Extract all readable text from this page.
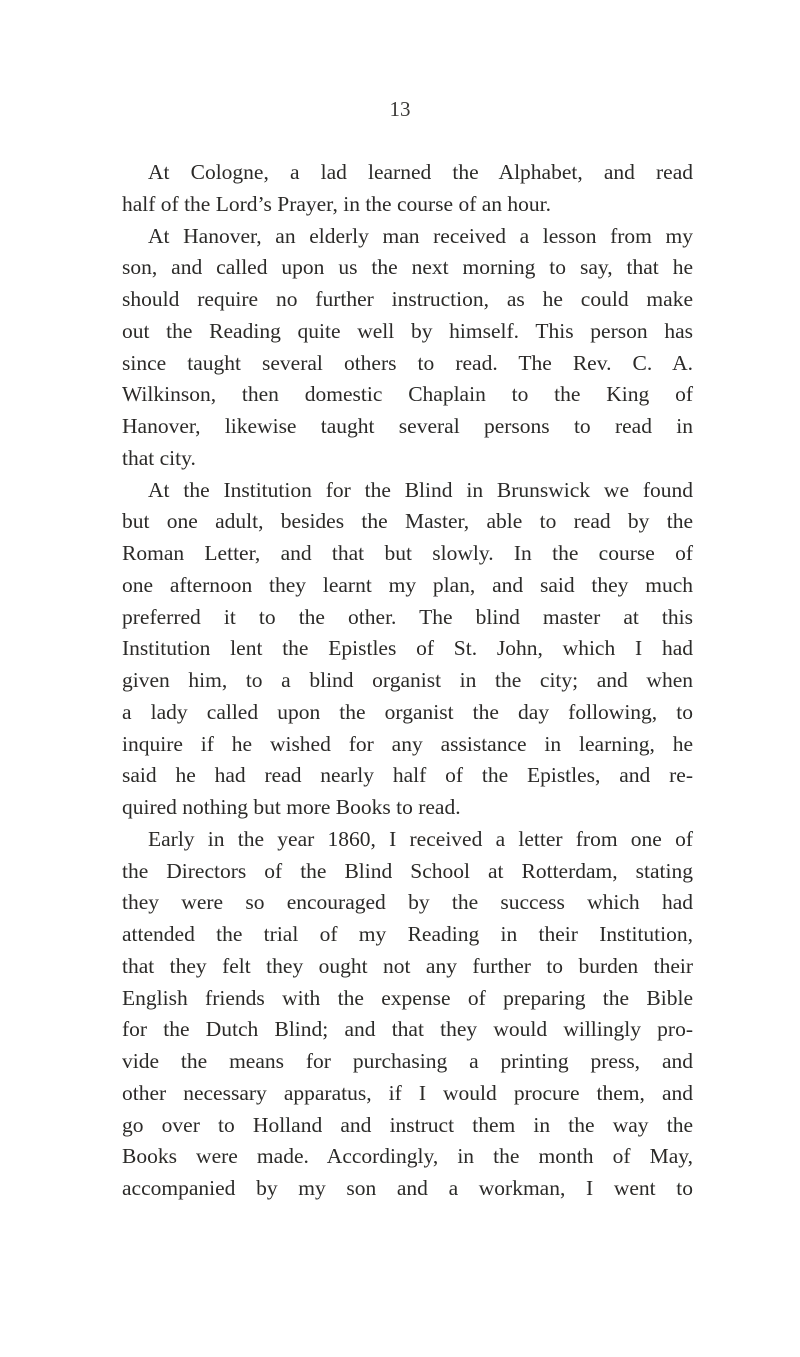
13
At Cologne, a lad learned the Alphabet, and read
half of the Lord’s Prayer, in the course of an hour.
At Hanover, an elderly man received a lesson from my
son, and called upon us the next morning to say, that he
should require no further instruction, as he could make
out the Reading quite well by himself. This person has
since taught several others to read. The Rev. C. A.
Wilkinson, then domestic Chaplain to the King of
Hanover, likewise taught several persons to read in
that city.
At the Institution for the Blind in Brunswick we found
but one adult, besides the Master, able to read by the
Roman Letter, and that but slowly. In the course of
one afternoon they learnt my plan, and said they much
preferred it to the other. The blind master at this
Institution lent the Epistles of St. John, which I had
given him, to a blind organist in the city; and when
a lady called upon the organist the day following, to
inquire if he wished for any assistance in learning, he
said he had read nearly half of the Epistles, and re-
quired nothing but more Books to read.
Early in the year 1860, I received a letter from one of
the Directors of the Blind School at Rotterdam, stating
they were so encouraged by the success which had
attended the trial of my Reading in their Institution,
that they felt they ought not any further to burden their
English friends with the expense of preparing the Bible
for the Dutch Blind; and that they would willingly pro-
vide the means for purchasing a printing press, and
other necessary apparatus, if I would procure them, and
go over to Holland and instruct them in the way the
Books were made. Accordingly, in the month of May,
accompanied by my son and a workman, I went to
